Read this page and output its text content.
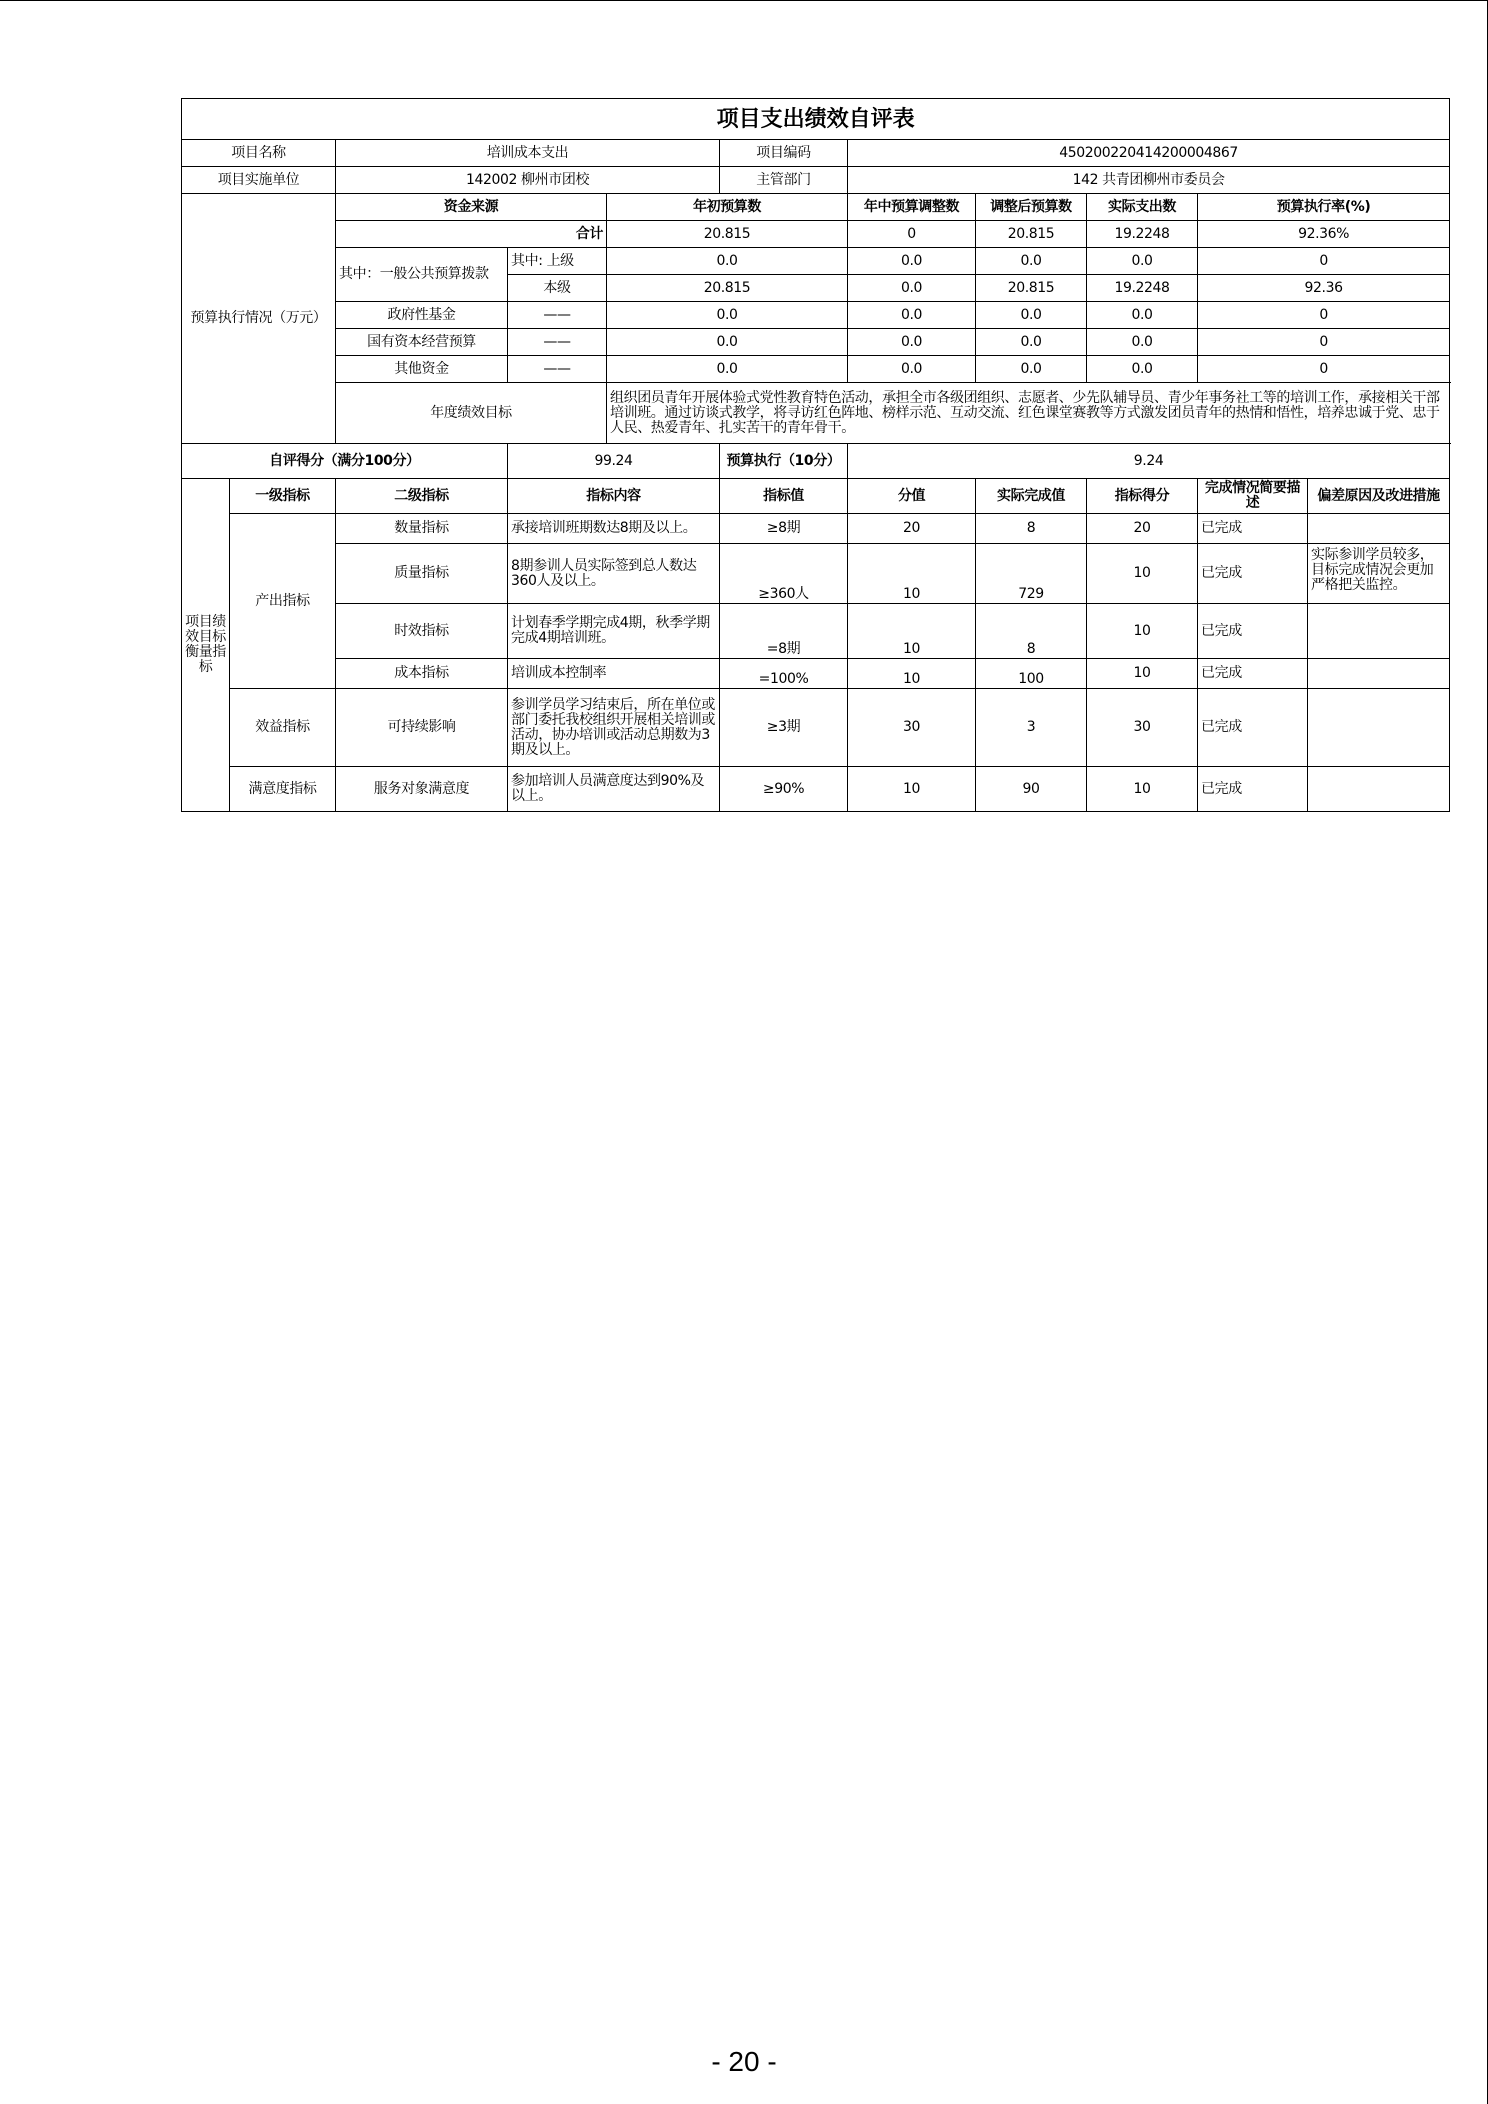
项目支出绩效自评表										
项目名称		培训成本支出			项目编码	450200220414200004867				
项目实施单位		142002 柳州市团校			主管部门	142 共青团柳州市委员会				
预算执行情况（万元）		资金来源		年初预算数		年中预算调整数	调整后预算数	实际支出数	预算执行率(%)	
		合计		20.815		0	20.815	19.2248	92.36%	
		其中：一般公共预算拨款	其中: 上级	0.0		0.0	0.0	0.0	0	
			本级	20.815		0.0	20.815	19.2248	92.36	
		政府性基金	——	0.0		0.0	0.0	0.0	0	
		国有资本经营预算	——	0.0		0.0	0.0	0.0	0	
		其他资金	——	0.0		0.0	0.0	0.0	0	
		年度绩效目标		组织团员青年开展体验式党性教育特色活动，承担全市各级团组织、志愿者、少先队辅导员、青少年事务社工等的培训工作，承接相关干部培训班。通过访谈式教学，将寻访红色阵地、榜样示范、互动交流、红色课堂赛教等方式激发团员青年的热情和悟性，培养忠诚于党、忠于人民、热爱青年、扎实苦干的青年骨干。						
自评得分（满分100分）			99.24		预算执行（10分）	9.24				
项目绩效目标衡量指标	一级指标	二级指标	指标内容		指标值	分值	实际完成值	指标得分	完成情况简要描述	偏差原因及改进措施
	产出指标	数量指标	承接培训班期数达8期及以上。		≥8期	20	8	20	已完成	
		质量指标	8期参训人员实际签到总人数达360人及以上。		≥360人	10	729	10	已完成	实际参训学员较多，目标完成情况会更加严格把关监控。
		时效指标	计划春季学期完成4期，秋季学期完成4期培训班。		=8期	10	8	10	已完成	
		成本指标	培训成本控制率		=100%	10	100	10	已完成	
	效益指标	可持续影响	参训学员学习结束后，所在单位或部门委托我校组织开展相关培训或活动，协办培训或活动总期数为3期及以上。		≥3期	30	3	30	已完成	
	满意度指标	服务对象满意度	参加培训人员满意度达到90%及以上。		≥90%	10	90	10	已完成	
- 20 -
